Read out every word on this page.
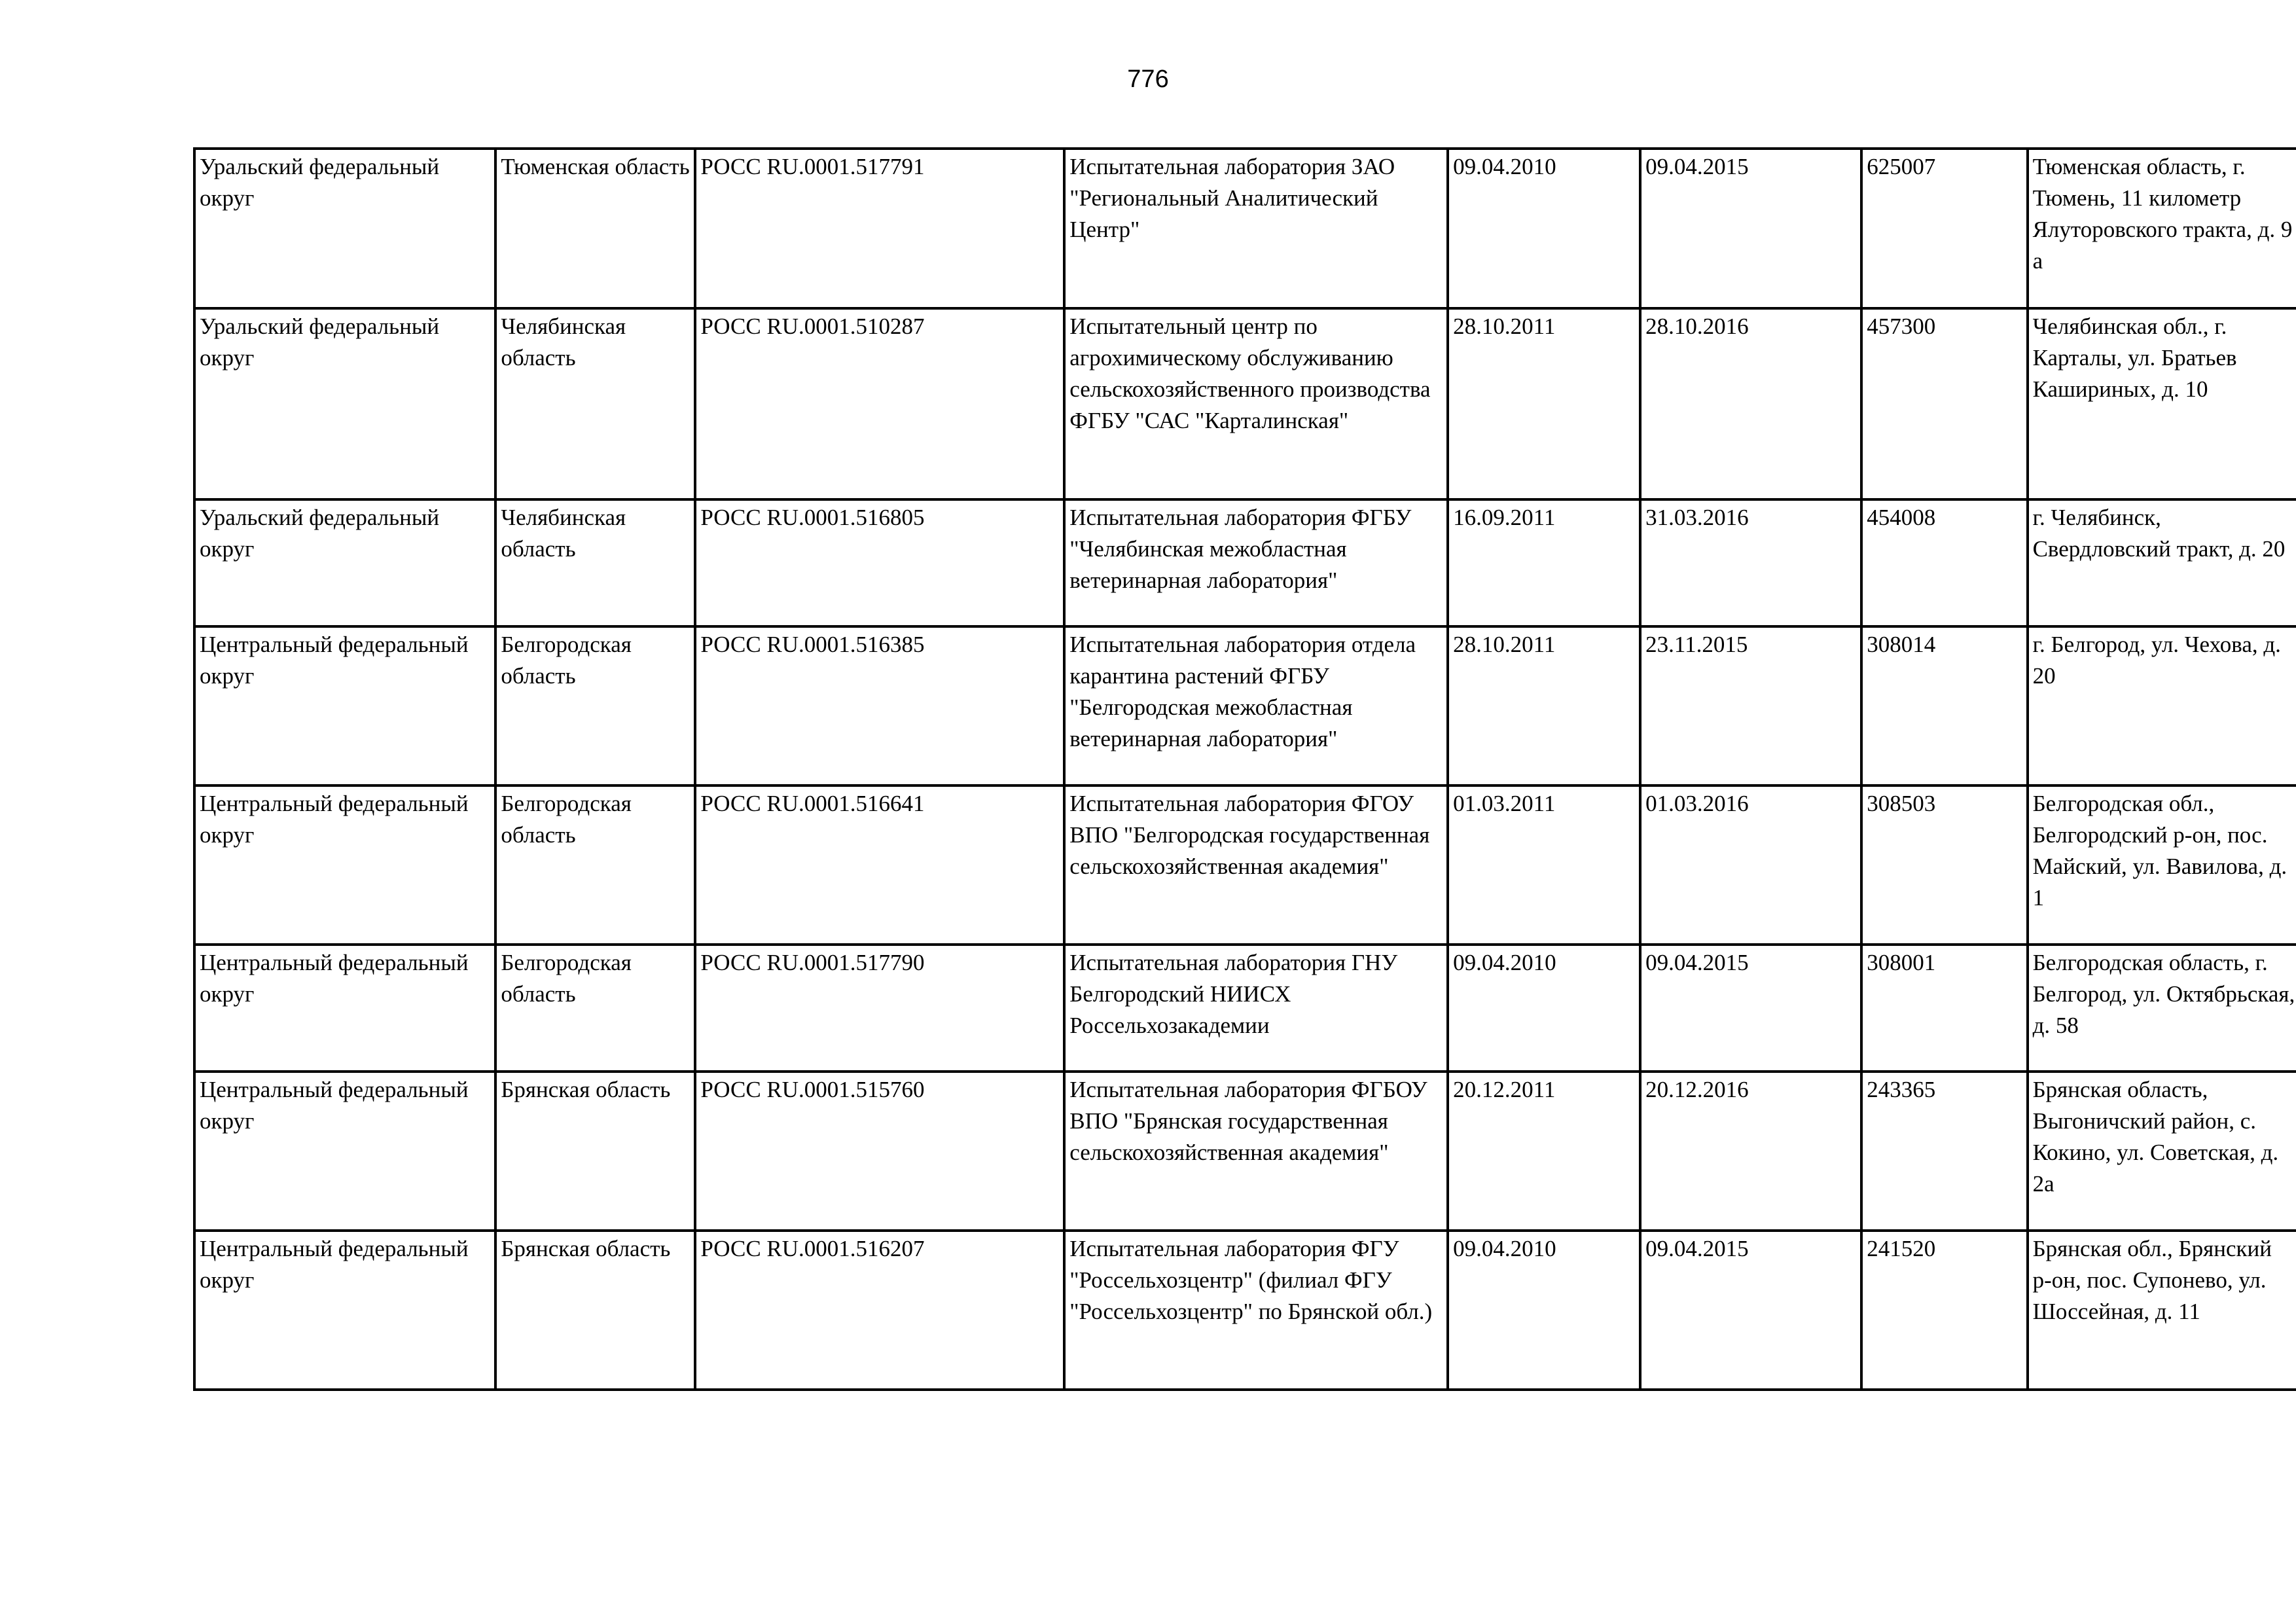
776
Уральский федеральный округ	Тюменская область	РОСС RU.0001.517791	Испытательная лаборатория ЗАО "Региональный Аналитический Центр"	09.04.2010	09.04.2015	625007	Тюменская область, г. Тюмень, 11 километр Ялуторовского тракта, д. 9 а
Уральский федеральный округ	Челябинская область	РОСС RU.0001.510287	Испытательный центр по агрохимическому обслуживанию сельскохозяйственного производства ФГБУ "САС "Карталинская"	28.10.2011	28.10.2016	457300	Челябинская обл., г. Карталы, ул. Братьев Кашириных, д. 10
Уральский федеральный округ	Челябинская область	РОСС RU.0001.516805	Испытательная лаборатория ФГБУ "Челябинская межобластная ветеринарная лаборатория"	16.09.2011	31.03.2016	454008	г. Челябинск, Свердловский тракт, д. 20
Центральный федеральный округ	Белгородская область	РОСС RU.0001.516385	Испытательная лаборатория отдела карантина растений ФГБУ "Белгородская межобластная ветеринарная лаборатория"	28.10.2011	23.11.2015	308014	г. Белгород, ул. Чехова, д. 20
Центральный федеральный округ	Белгородская область	РОСС RU.0001.516641	Испытательная лаборатория ФГОУ ВПО "Белгородская государственная сельскохозяйственная академия"	01.03.2011	01.03.2016	308503	Белгородская обл., Белгородский р-он, пос. Майский, ул. Вавилова, д. 1
Центральный федеральный округ	Белгородская область	РОСС RU.0001.517790	Испытательная лаборатория ГНУ Белгородский НИИСХ Россельхозакадемии	09.04.2010	09.04.2015	308001	Белгородская область, г. Белгород, ул. Октябрьская, д. 58
Центральный федеральный округ	Брянская область	РОСС RU.0001.515760	Испытательная лаборатория ФГБОУ ВПО "Брянская государственная сельскохозяйственная академия"	20.12.2011	20.12.2016	243365	Брянская область, Выгоничский район, с. Кокино, ул. Советская, д. 2а
Центральный федеральный округ	Брянская область	РОСС RU.0001.516207	Испытательная лаборатория ФГУ "Россельхозцентр" (филиал ФГУ "Россельхозцентр" по Брянской обл.)	09.04.2010	09.04.2015	241520	Брянская обл., Брянский р-он, пос. Супонево, ул. Шоссейная, д. 11
